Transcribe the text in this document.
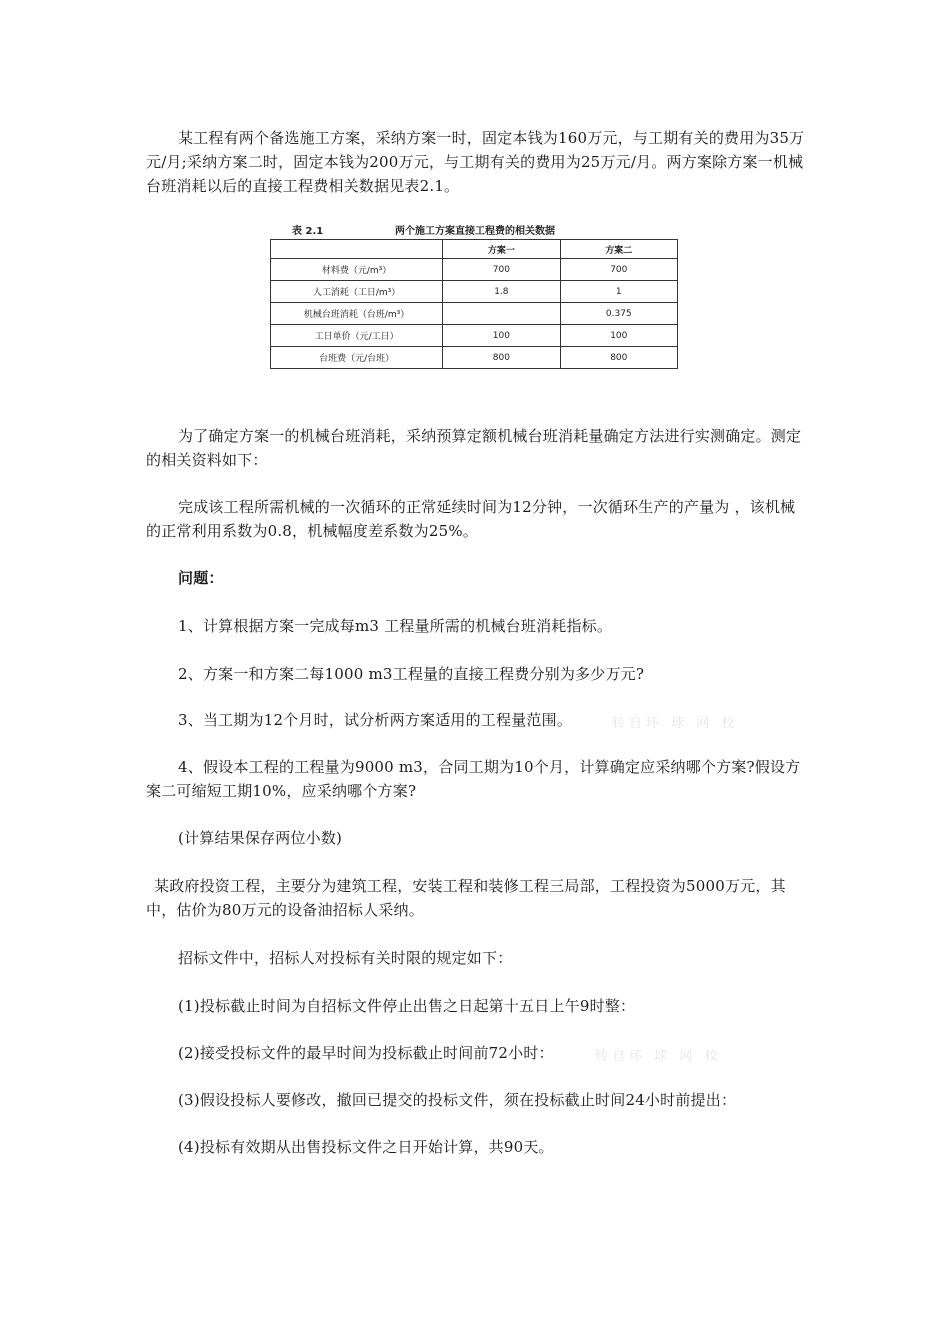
某工程有两个备选施工方案，采纳方案一时，固定本钱为160万元，与工期有关的费用为35万元/月;采纳方案二时，固定本钱为200万元，与工期有关的费用为25万元/月。两方案除方案一机械台班消耗以后的直接工程费相关数据见表2.1。

表 2.1	两个施工方案直接工程费的相关数据
	方案一	方案二
材料费（元/m³）	700	700
人工消耗（工日/m³）	1.8	1
机械台班消耗（台班/m³）		0.375
工日单价（元/工日）	100	100
台班费（元/台班）	800	800

为了确定方案一的机械台班消耗，采纳预算定额机械台班消耗量确定方法进行实测确定。测定的相关资料如下：

完成该工程所需机械的一次循环的正常延续时间为12分钟，一次循环生产的产量为 ，该机械的正常利用系数为0.8，机械幅度差系数为25%。

问题：

1、计算根据方案一完成每m3 工程量所需的机械台班消耗指标。

2、方案一和方案二每1000 m3工程量的直接工程费分别为多少万元?

3、当工期为12个月时，试分析两方案适用的工程量范围。	转自环 球 网 校

4、假设本工程的工程量为9000 m3，合同工期为10个月，计算确定应采纳哪个方案?假设方案二可缩短工期10%，应采纳哪个方案?

(计算结果保存两位小数)

某政府投资工程，主要分为建筑工程，安装工程和装修工程三局部，工程投资为5000万元，其中，估价为80万元的设备油招标人采纳。

招标文件中，招标人对投标有关时限的规定如下：

(1)投标截止时间为自招标文件停止出售之日起第十五日上午9时整：

(2)接受投标文件的最早时间为投标截止时间前72小时：	转自环 球 网 校

(3)假设投标人要修改，撤回已提交的投标文件，须在投标截止时间24小时前提出：

(4)投标有效期从出售投标文件之日开始计算，共90天。
